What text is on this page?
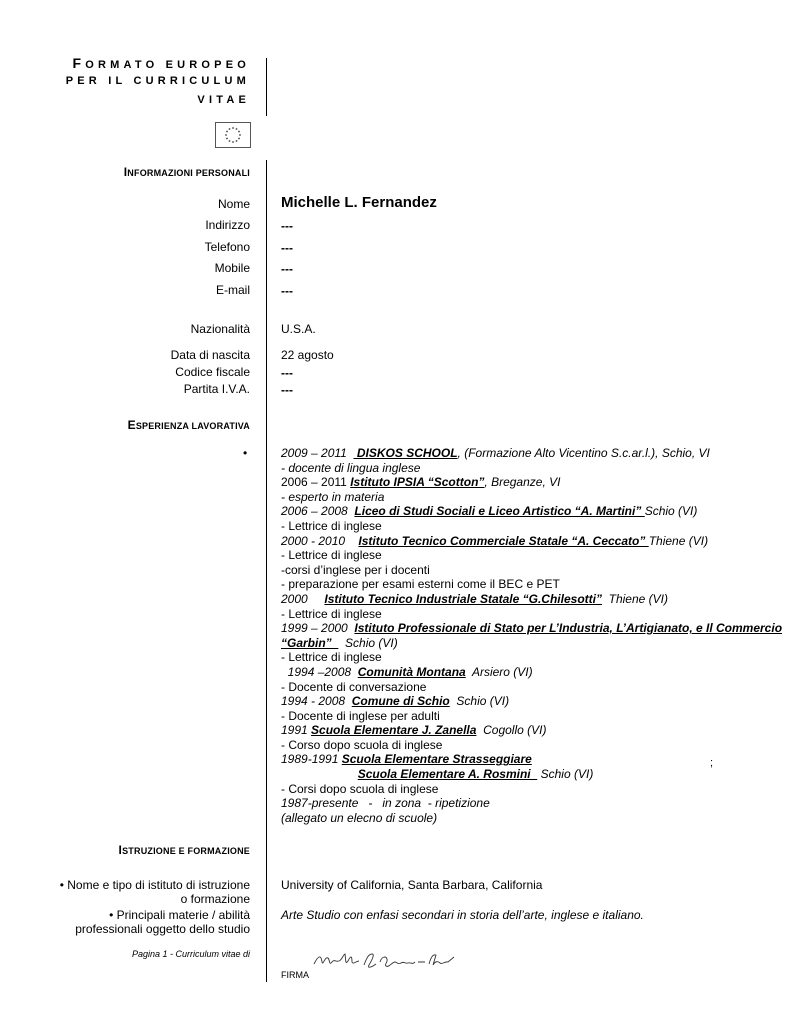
FORMATO EUROPEO
PER IL CURRICULUM
VITAE
INFORMAZIONI PERSONALI
Nome Michelle L. Fernandez
Indirizzo	---
Telefono	---
Mobile	---
E-mail	---
Nazionalità	U.S.A.
Data di nascita	22 agosto
Codice fiscale	---
Partita I.V.A.	---
ESPERIENZA LAVORATIVA
•	2009 – 2011   DISKOS SCHOOL, (Formazione Alto Vicentino S.c.ar.l.), Schio, VI
- docente di lingua inglese
2006 – 2011 Istituto IPSIA “Scotton”, Breganze, VI
- esperto in materia
2006 – 2008  Liceo di Studi Sociali e Liceo Artistico “A. Martini” Schio (VI)
- Lettrice di inglese
2000 - 2010    Istituto Tecnico Commerciale Statale “A. Ceccato” Thiene (VI)
- Lettrice di inglese
-corsi d’inglese per i docenti
- preparazione per esami esterni come il BEC e PET
2000     Istituto Tecnico Industriale Statale “G.Chilesotti”  Thiene (VI)
- Lettrice di inglese
1999 – 2000  Istituto Professionale di Stato per L’Industria, L’Artigianato, e Il Commercio
“Garbin”    Schio (VI)
- Lettrice di inglese
1994 –2008  Comunità Montana  Arsiero (VI)
- Docente di conversazione
1994 - 2008  Comune di Schio  Schio (VI)
- Docente di inglese per adulti
1991 Scuola Elementare J. Zanella  Cogollo (VI)
- Corso dopo scuola di inglese
1989-1991 Scuola Elementare Strasseggiare
Scuola Elementare A. Rosmini   Schio (VI)
- Corsi dopo scuola di inglese
1987-presente   -   in zona  - ripetizione
(allegato un elecno di scuole)
;
ISTRUZIONE E FORMAZIONE
• Nome e tipo di istituto di istruzione
o formazione
University of California, Santa Barbara, California
• Principali materie / abilità
professionali oggetto dello studio
Arte Studio con enfasi secondari in storia dell’arte, inglese e italiano.
Pagina 1 - Curriculum vitae di
FIRMA
